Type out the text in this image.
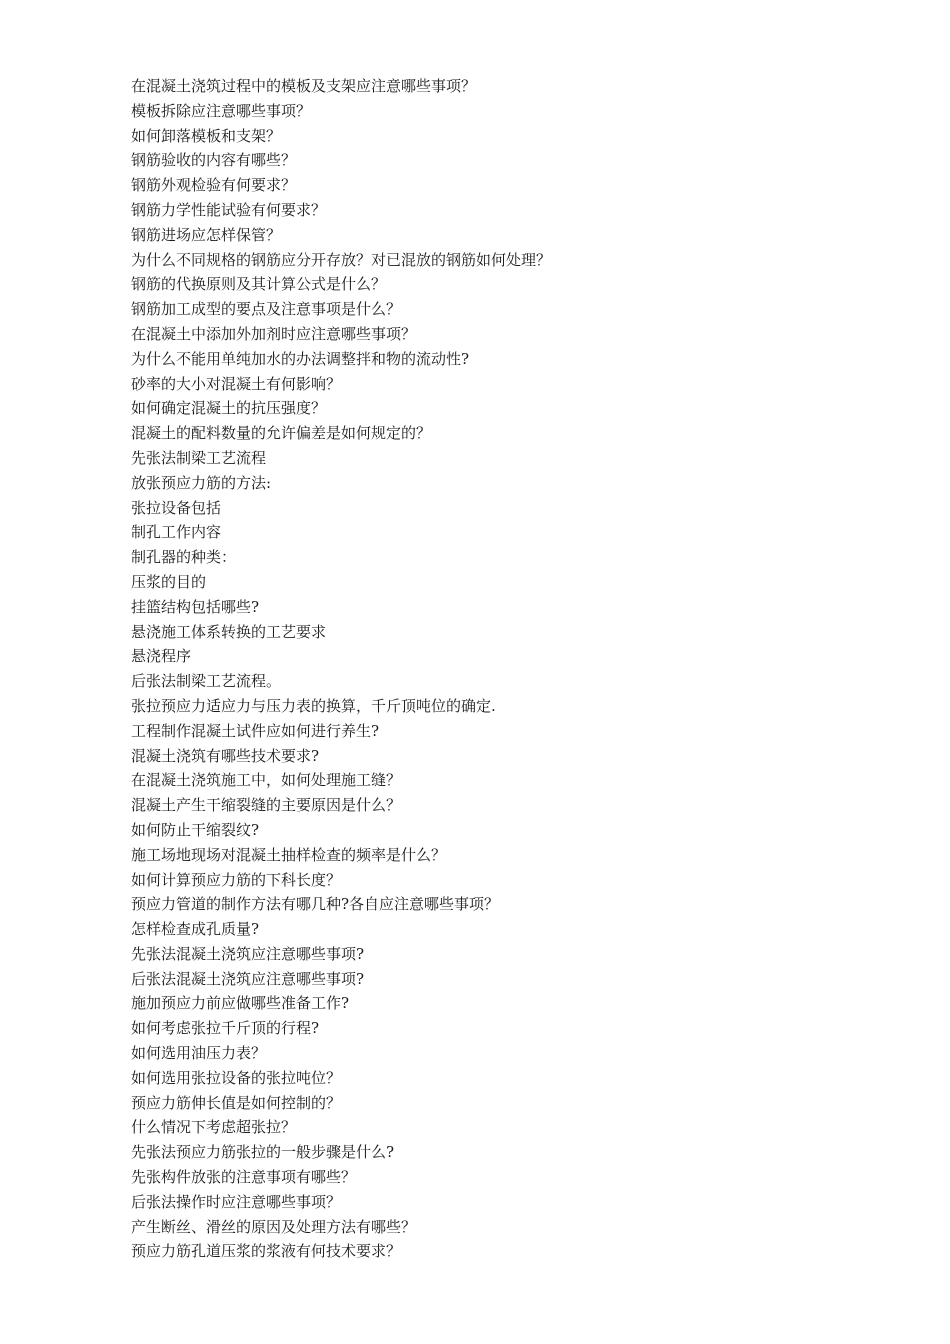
在混凝土浇筑过程中的模板及支架应注意哪些事项？
模板拆除应注意哪些事项？
如何卸落模板和支架？
钢筋验收的内容有哪些？
钢筋外观检验有何要求？
钢筋力学性能试验有何要求？
钢筋进场应怎样保管？
为什么不同规格的钢筋应分开存放？对已混放的钢筋如何处理？
钢筋的代换原则及其计算公式是什么？
钢筋加工成型的要点及注意事项是什么？
在混凝土中添加外加剂时应注意哪些事项？
为什么不能用单纯加水的办法调整拌和物的流动性?
砂率的大小对混凝土有何影响？
如何确定混凝土的抗压强度？
混凝土的配料数量的允许偏差是如何规定的？
先张法制梁工艺流程
放张预应力筋的方法:
张拉设备包括
制孔工作内容
制孔器的种类：
压浆的目的
挂篮结构包括哪些?
悬浇施工体系转换的工艺要求
悬浇程序
后张法制梁工艺流程。
张拉预应力适应力与压力表的换算，千斤顶吨位的确定.
工程制作混凝土试件应如何进行养生?
混凝土浇筑有哪些技术要求?
在混凝土浇筑施工中，如何处理施工缝？
混凝土产生干缩裂缝的主要原因是什么？
如何防止干缩裂纹?
施工场地现场对混凝土抽样检查的频率是什么？
如何计算预应力筋的下科长度？
预应力管道的制作方法有哪几种?各自应注意哪些事项？
怎样检查成孔质量?
先张法混凝土浇筑应注意哪些事项?
后张法混凝土浇筑应注意哪些事项?
施加预应力前应做哪些准备工作?
如何考虑张拉千斤顶的行程?
如何选用油压力表？
如何选用张拉设备的张拉吨位？
预应力筋伸长值是如何控制的？
什么情况下考虑超张拉？
先张法预应力筋张拉的一般步骤是什么?
先张构件放张的注意事项有哪些？
后张法操作时应注意哪些事项？
产生断丝、滑丝的原因及处理方法有哪些？
预应力筋孔道压浆的浆液有何技术要求？
